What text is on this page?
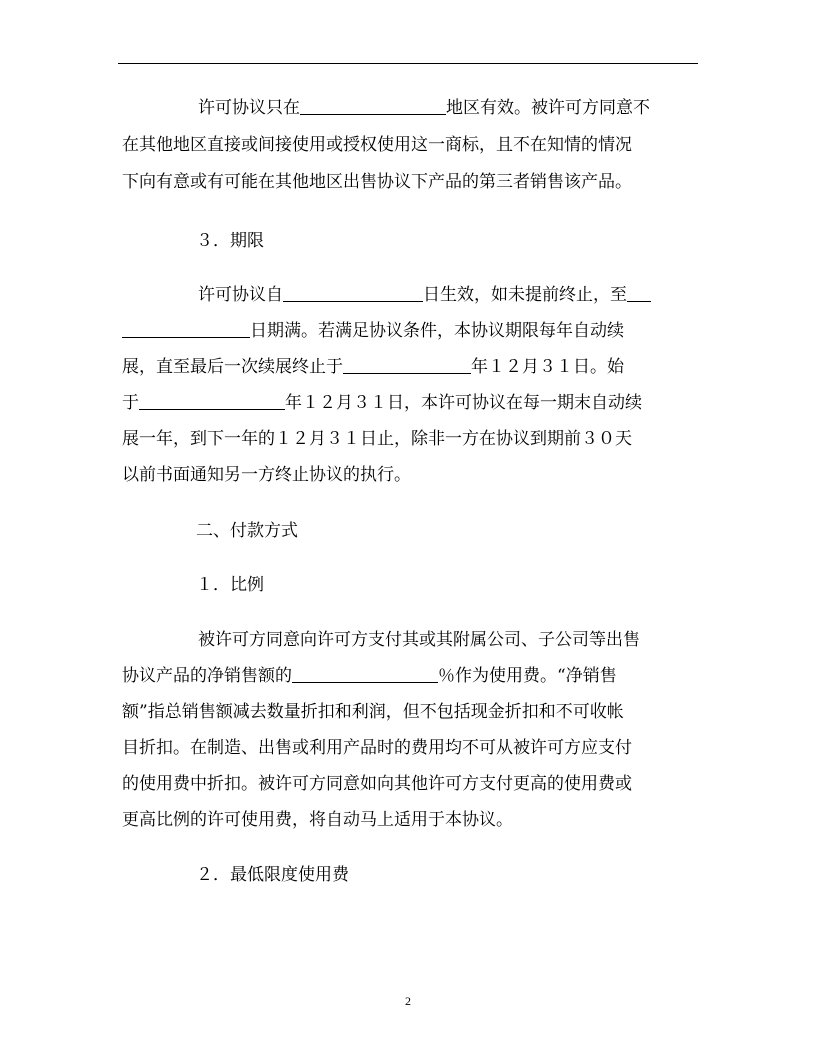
许可协议只在	地区有效。被许可方同意不
在其他地区直接或间接使用或授权使用这一商标，且不在知情的情况
下向有意或有可能在其他地区出售协议下产品的第三者销售该产品。
３．期限
许可协议自	日生效，如未提前终止，至
日期满。若满足协议条件，本协议期限每年自动续
展，直至最后一次续展终止于	年１２月３１日。始
于	年１２月３１日，本许可协议在每一期末自动续
展一年，到下一年的１２月３１日止，除非一方在协议到期前３０天
以前书面通知另一方终止协议的执行。
二、付款方式
１．比例
被许可方同意向许可方支付其或其附属公司、子公司等出售
协议产品的净销售额的	％作为使用费。“净销售
额”指总销售额减去数量折扣和利润，但不包括现金折扣和不可收帐
目折扣。在制造、出售或利用产品时的费用均不可从被许可方应支付
的使用费中折扣。被许可方同意如向其他许可方支付更高的使用费或
更高比例的许可使用费，将自动马上适用于本协议。
２．最低限度使用费
2
